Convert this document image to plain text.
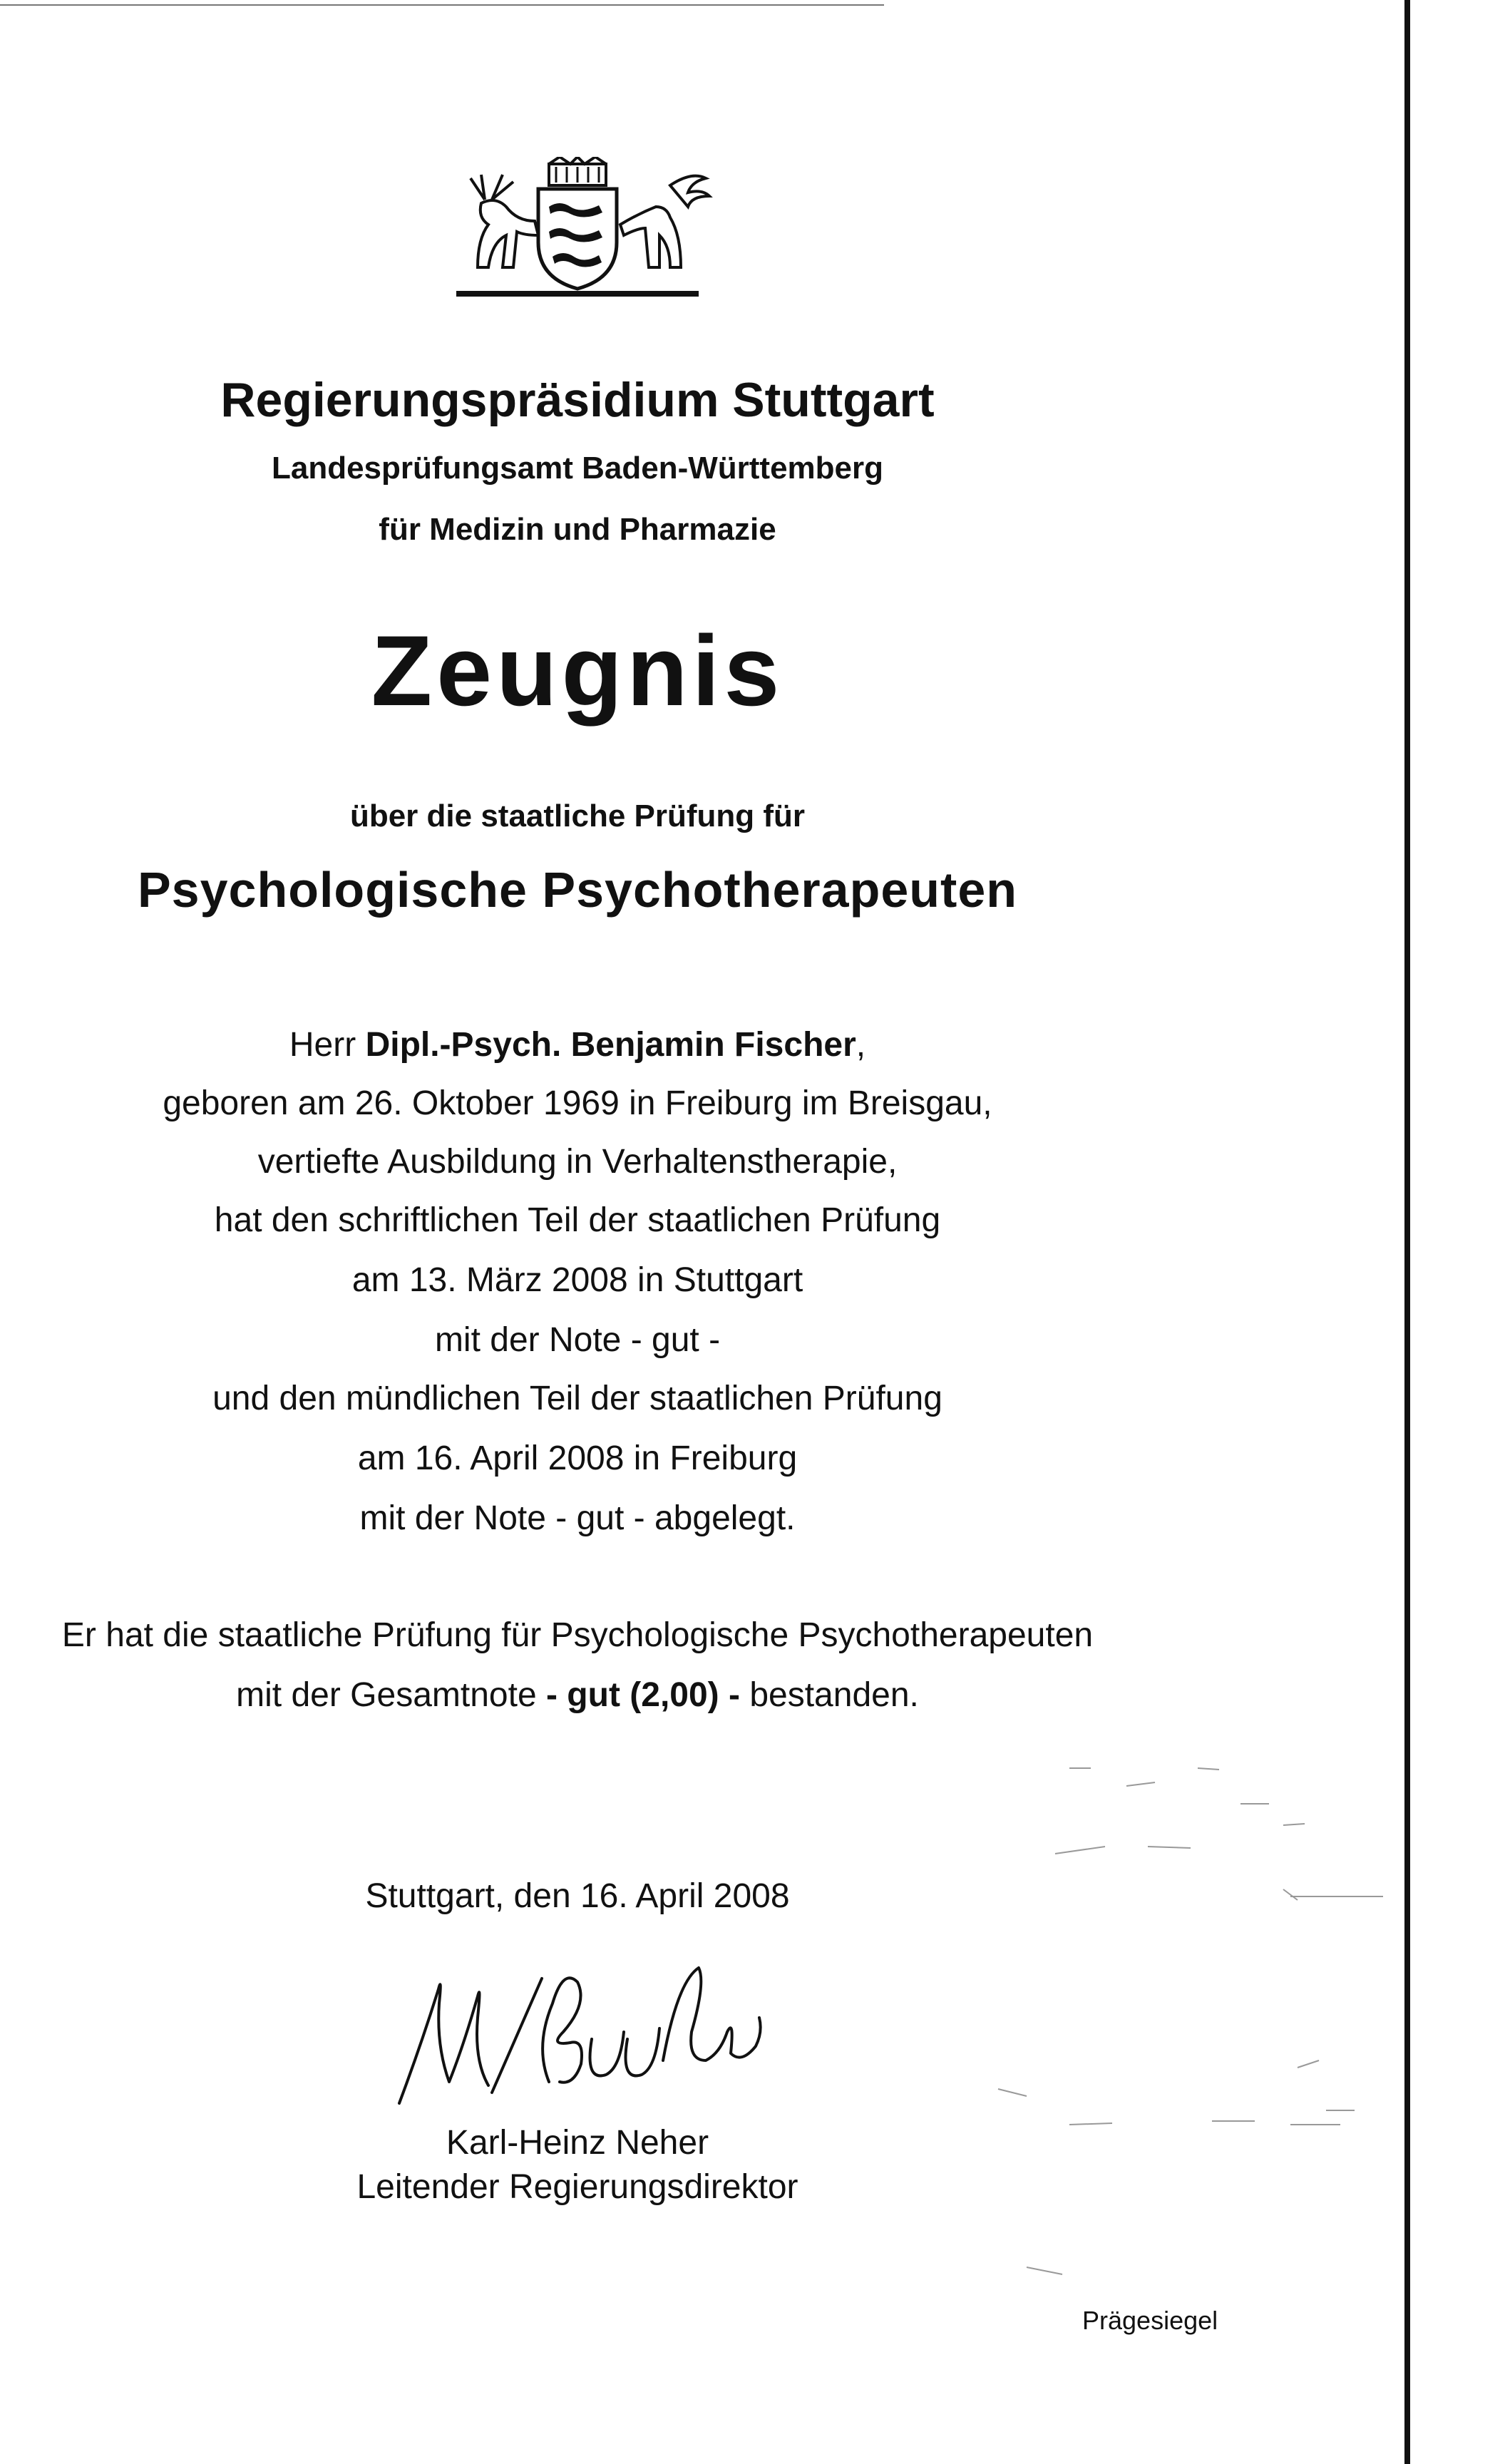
Regierungspräsidium Stuttgart
Landesprüfungsamt Baden-Württemberg
für Medizin und Pharmazie
Zeugnis
über die staatliche Prüfung für
Psychologische Psychotherapeuten
Herr Dipl.-Psych. Benjamin Fischer,
geboren am 26. Oktober 1969 in Freiburg im Breisgau,
vertiefte Ausbildung in Verhaltenstherapie,
hat den schriftlichen Teil der staatlichen Prüfung
am 13. März 2008 in Stuttgart
mit der Note - gut -
und den mündlichen Teil der staatlichen Prüfung
am 16. April 2008 in Freiburg
mit der Note - gut - abgelegt.
Er hat die staatliche Prüfung für Psychologische Psychotherapeuten
mit der Gesamtnote - gut (2,00) - bestanden.
Stuttgart, den 16. April 2008
Karl-Heinz Neher
Leitender Regierungsdirektor
Prägesiegel
